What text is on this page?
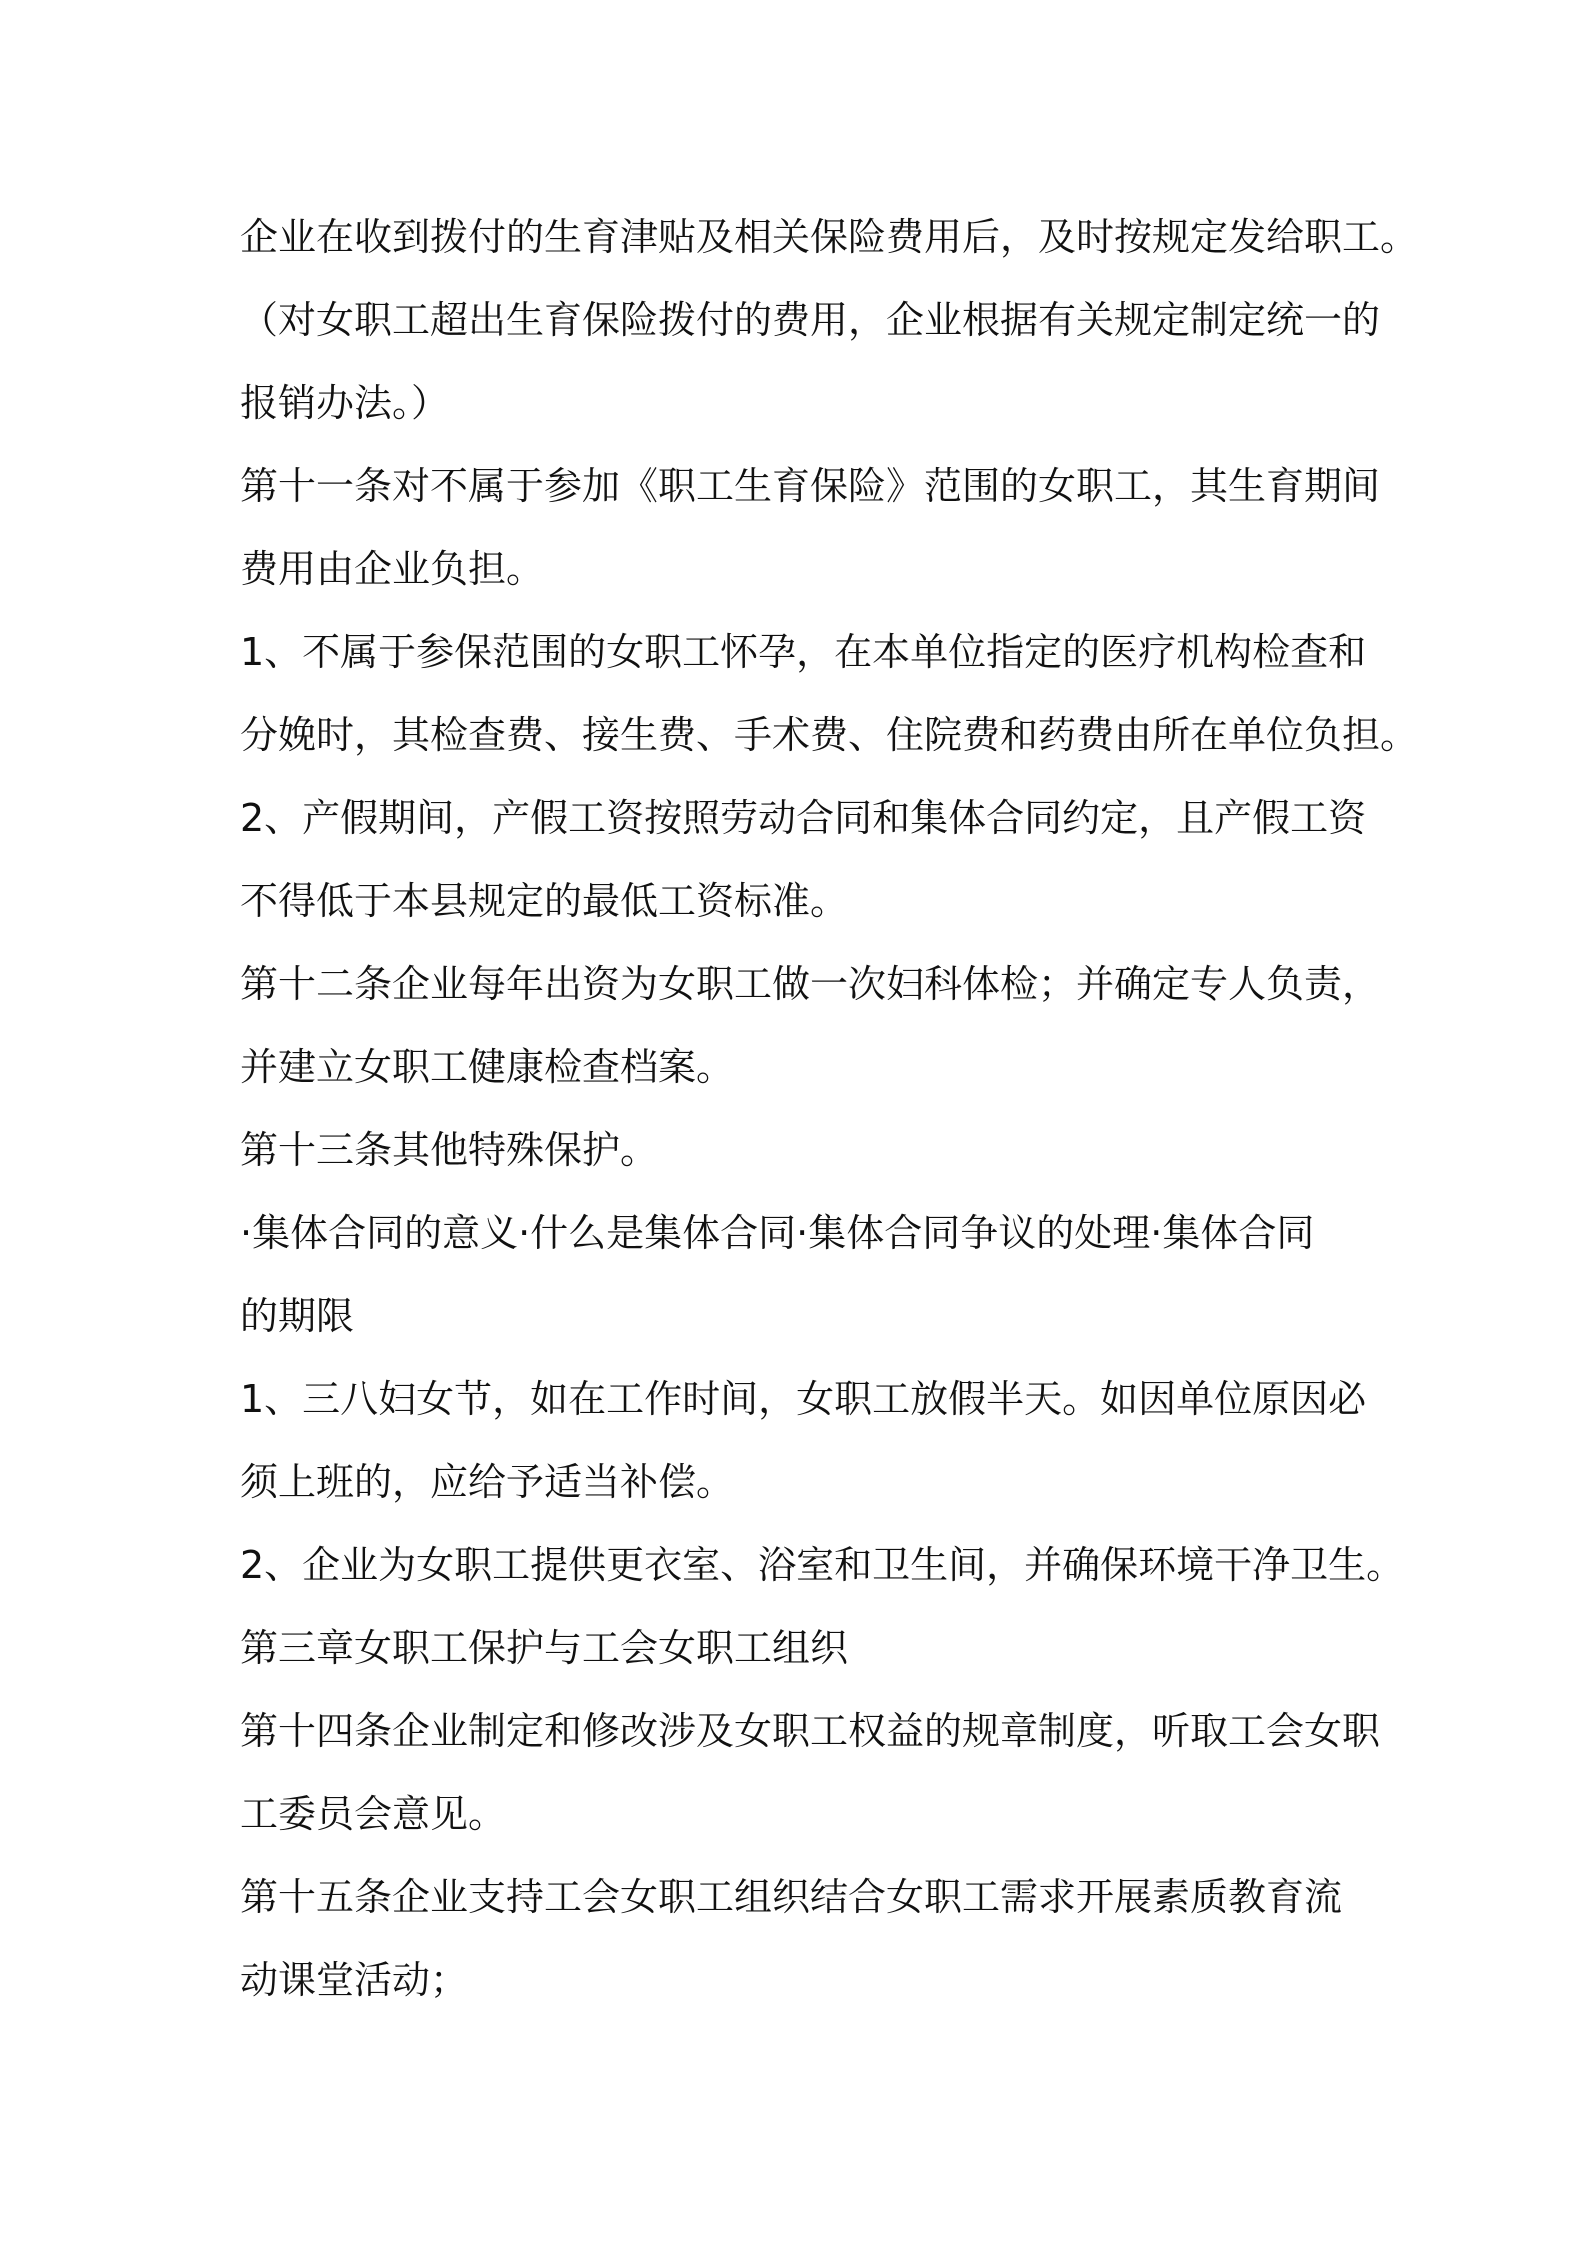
企业在收到拨付的生育津贴及相关保险费用后，及时按规定发给职工。
（对女职工超出生育保险拨付的费用，企业根据有关规定制定统一的
报销办法。）
第十一条对不属于参加《职工生育保险》范围的女职工，其生育期间
费用由企业负担。
1、不属于参保范围的女职工怀孕，在本单位指定的医疗机构检查和
分娩时，其检查费、接生费、手术费、住院费和药费由所在单位负担。
2、产假期间，产假工资按照劳动合同和集体合同约定，且产假工资
不得低于本县规定的最低工资标准。
第十二条企业每年出资为女职工做一次妇科体检；并确定专人负责，
并建立女职工健康检查档案。
第十三条其他特殊保护。
·集体合同的意义·什么是集体合同·集体合同争议的处理·集体合同
的期限
1、三八妇女节，如在工作时间，女职工放假半天。如因单位原因必
须上班的，应给予适当补偿。
2、企业为女职工提供更衣室、浴室和卫生间，并确保环境干净卫生。
第三章女职工保护与工会女职工组织
第十四条企业制定和修改涉及女职工权益的规章制度，听取工会女职
工委员会意见。
第十五条企业支持工会女职工组织结合女职工需求开展素质教育流
动课堂活动；
